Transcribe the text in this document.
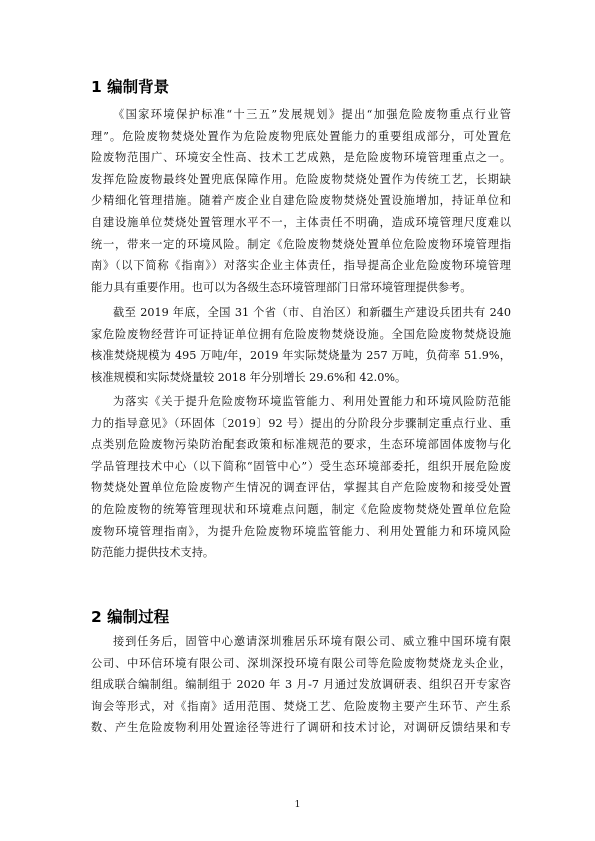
1 编制背景
《国家环境保护标准“十三五”发展规划》提出“加强危险废物重点行业管
理”。危险废物焚烧处置作为危险废物兜底处置能力的重要组成部分，可处置危
险废物范围广、环境安全性高、技术工艺成熟，是危险废物环境管理重点之一。
发挥危险废物最终处置兜底保障作用。危险废物焚烧处置作为传统工艺，长期缺
少精细化管理措施。随着产废企业自建危险废物焚烧处置设施增加，持证单位和
自建设施单位焚烧处置管理水平不一，主体责任不明确，造成环境管理尺度难以
统一，带来一定的环境风险。制定《危险废物焚烧处置单位危险废物环境管理指
南》（以下简称《指南》）对落实企业主体责任，指导提高企业危险废物环境管理
能力具有重要作用。也可以为各级生态环境管理部门日常环境管理提供参考。
截至 2019 年底，全国 31 个省（市、自治区）和新疆生产建设兵团共有 240
家危险废物经营许可证持证单位拥有危险废物焚烧设施。全国危险废物焚烧设施
核准焚烧规模为 495 万吨/年，2019 年实际焚烧量为 257 万吨，负荷率 51.9%，
核准规模和实际焚烧量较 2018 年分别增长 29.6%和 42.0%。
为落实《关于提升危险废物环境监管能力、利用处置能力和环境风险防范能
力的指导意见》（环固体〔2019〕92 号）提出的分阶段分步骤制定重点行业、重
点类别危险废物污染防治配套政策和标准规范的要求，生态环境部固体废物与化
学品管理技术中心（以下简称“固管中心”）受生态环境部委托，组织开展危险废
物焚烧处置单位危险废物产生情况的调查评估，掌握其自产危险废物和接受处置
的危险废物的统筹管理现状和环境难点问题，制定《危险废物焚烧处置单位危险
废物环境管理指南》，为提升危险废物环境监管能力、利用处置能力和环境风险
防范能力提供技术支持。
2 编制过程
接到任务后，固管中心邀请深圳雅居乐环境有限公司、威立雅中国环境有限
公司、中环信环境有限公司、深圳深投环境有限公司等危险废物焚烧龙头企业，
组成联合编制组。编制组于 2020 年 3 月-7 月通过发放调研表、组织召开专家咨
询会等形式，对《指南》适用范围、焚烧工艺、危险废物主要产生环节、产生系
数、产生危险废物利用处置途径等进行了调研和技术讨论，对调研反馈结果和专
1
